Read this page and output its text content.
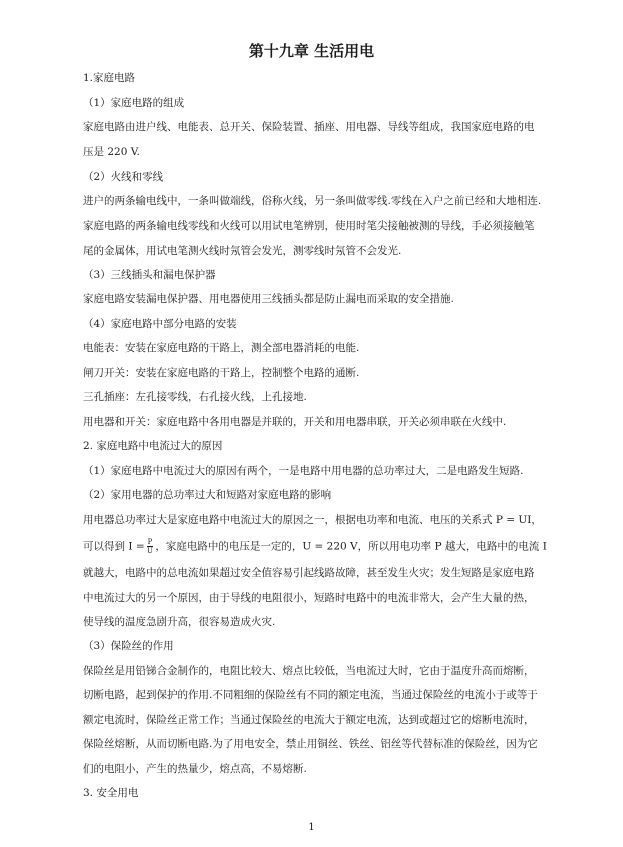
第十九章 生活用电
1.家庭电路
（1）家庭电路的组成
家庭电路由进户线、电能表、总开关、保险装置、插座、用电器、导线等组成，我国家庭电路的电
压是 220 V.
（2）火线和零线
进户的两条输电线中，一条叫做端线，俗称火线，另一条叫做零线.零线在入户之前已经和大地相连.
家庭电路的两条输电线零线和火线可以用试电笔辨别，使用时笔尖接触被测的导线，手必须接触笔
尾的金属体，用试电笔测火线时氖管会发光，测零线时氖管不会发光.
（3）三线插头和漏电保护器
家庭电路安装漏电保护器、用电器使用三线插头都是防止漏电而采取的安全措施.
（4）家庭电路中部分电路的安装
电能表：安装在家庭电路的干路上，测全部电器消耗的电能.
闸刀开关：安装在家庭电路的干路上，控制整个电路的通断.
三孔插座：左孔接零线，右孔接火线，上孔接地.
用电器和开关：家庭电路中各用电器是并联的，开关和用电器串联，开关必须串联在火线中.
2. 家庭电路中电流过大的原因
（1）家庭电路中电流过大的原因有两个，一是电路中用电器的总功率过大，二是电路发生短路.
（2）家用电器的总功率过大和短路对家庭电路的影响
用电器总功率过大是家庭电路中电流过大的原因之一，根据电功率和电流、电压的关系式 P = UI，
可以得到 $I = \frac{P}{U}$ ，家庭电路中的电压是一定的，U = 220 V，所以用电功率 P 越大，电路中的电流 I
就越大，电路中的总电流如果超过安全值容易引起线路故障，甚至发生火灾；发生短路是家庭电路
中电流过大的另一个原因，由于导线的电阻很小，短路时电路中的电流非常大，会产生大量的热，
使导线的温度急剧升高，很容易造成火灾.
（3）保险丝的作用
保险丝是用铅锑合金制作的，电阻比较大、熔点比较低，当电流过大时，它由于温度升高而熔断，
切断电路，起到保护的作用.不同粗细的保险丝有不同的额定电流，当通过保险丝的电流小于或等于
额定电流时，保险丝正常工作；当通过保险丝的电流大于额定电流，达到或超过它的熔断电流时，
保险丝熔断，从而切断电路.为了用电安全，禁止用铜丝、铁丝、铝丝等代替标准的保险丝，因为它
们的电阻小，产生的热量少，熔点高，不易熔断.
3. 安全用电
1
